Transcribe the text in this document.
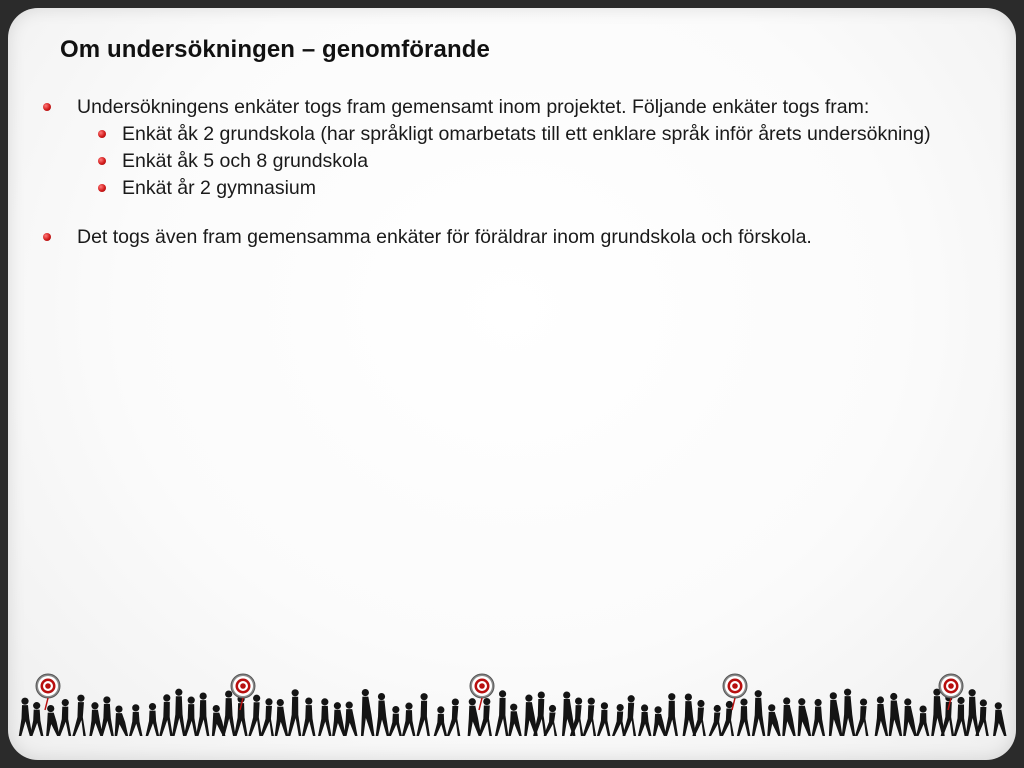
Om undersökningen – genomförande
Undersökningens enkäter togs fram gemensamt inom projektet. Följande enkäter togs fram:
Enkät åk 2 grundskola (har språkligt omarbetats till ett enklare språk inför årets undersökning)
Enkät åk 5 och 8 grundskola
Enkät år 2 gymnasium
Det togs även fram gemensamma enkäter för föräldrar inom grundskola och förskola.
